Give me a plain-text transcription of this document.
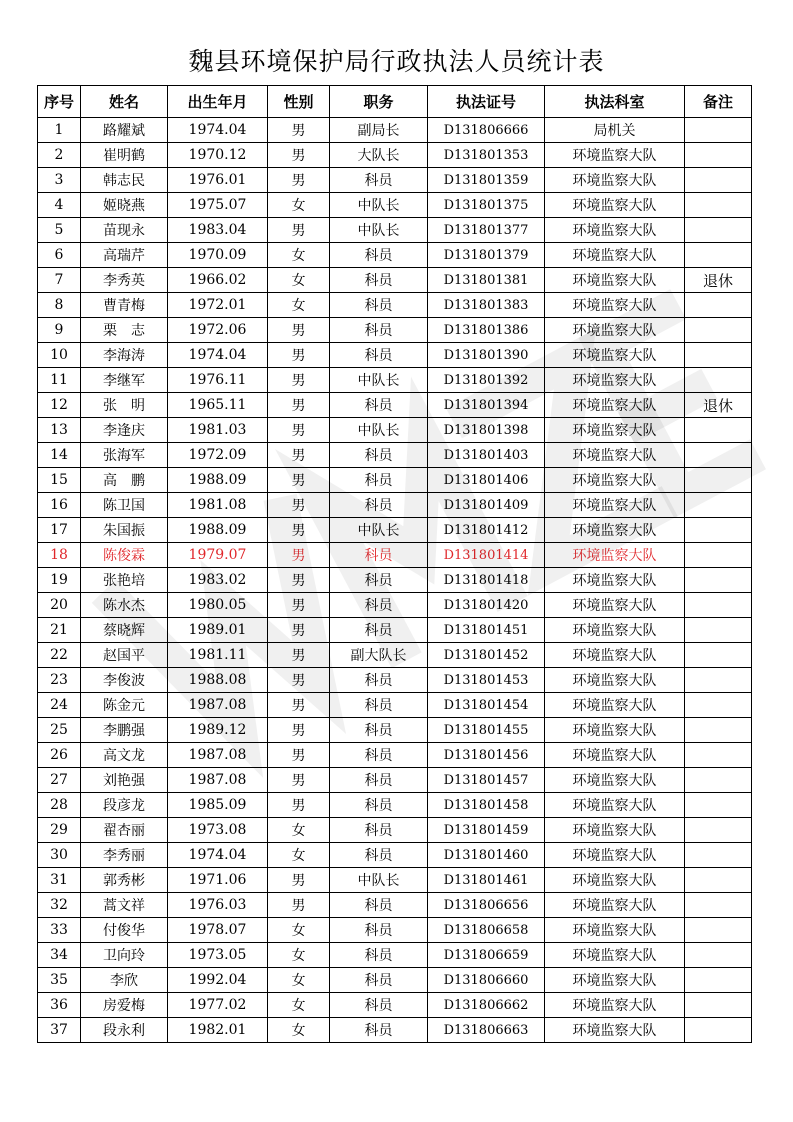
魏县环境保护局行政执法人员统计表
序号	姓名	出生年月	性别	职务	执法证号	执法科室	备注
1	路耀斌	1974.04	男	副局长	D131806666	局机关	
2	崔明鹤	1970.12	男	大队长	D131801353	环境监察大队	
3	韩志民	1976.01	男	科员	D131801359	环境监察大队	
4	姬晓燕	1975.07	女	中队长	D131801375	环境监察大队	
5	苗现永	1983.04	男	中队长	D131801377	环境监察大队	
6	高瑞芹	1970.09	女	科员	D131801379	环境监察大队	
7	李秀英	1966.02	女	科员	D131801381	环境监察大队	退休
8	曹青梅	1972.01	女	科员	D131801383	环境监察大队	
9	栗　志	1972.06	男	科员	D131801386	环境监察大队	
10	李海涛	1974.04	男	科员	D131801390	环境监察大队	
11	李继军	1976.11	男	中队长	D131801392	环境监察大队	
12	张　明	1965.11	男	科员	D131801394	环境监察大队	退休
13	李逢庆	1981.03	男	中队长	D131801398	环境监察大队	
14	张海军	1972.09	男	科员	D131801403	环境监察大队	
15	高　鹏	1988.09	男	科员	D131801406	环境监察大队	
16	陈卫国	1981.08	男	科员	D131801409	环境监察大队	
17	朱国振	1988.09	男	中队长	D131801412	环境监察大队	
18	陈俊霖	1979.07	男	科员	D131801414	环境监察大队	
19	张艳培	1983.02	男	科员	D131801418	环境监察大队	
20	陈水杰	1980.05	男	科员	D131801420	环境监察大队	
21	蔡晓辉	1989.01	男	科员	D131801451	环境监察大队	
22	赵国平	1981.11	男	副大队长	D131801452	环境监察大队	
23	李俊波	1988.08	男	科员	D131801453	环境监察大队	
24	陈金元	1987.08	男	科员	D131801454	环境监察大队	
25	李鹏强	1989.12	男	科员	D131801455	环境监察大队	
26	高文龙	1987.08	男	科员	D131801456	环境监察大队	
27	刘艳强	1987.08	男	科员	D131801457	环境监察大队	
28	段彦龙	1985.09	男	科员	D131801458	环境监察大队	
29	翟杏丽	1973.08	女	科员	D131801459	环境监察大队	
30	李秀丽	1974.04	女	科员	D131801460	环境监察大队	
31	郭秀彬	1971.06	男	中队长	D131801461	环境监察大队	
32	蒿文祥	1976.03	男	科员	D131806656	环境监察大队	
33	付俊华	1978.07	女	科员	D131806658	环境监察大队	
34	卫向玲	1973.05	女	科员	D131806659	环境监察大队	
35	李欣	1992.04	女	科员	D131806660	环境监察大队	
36	房爱梅	1977.02	女	科员	D131806662	环境监察大队	
37	段永利	1982.01	女	科员	D131806663	环境监察大队	
